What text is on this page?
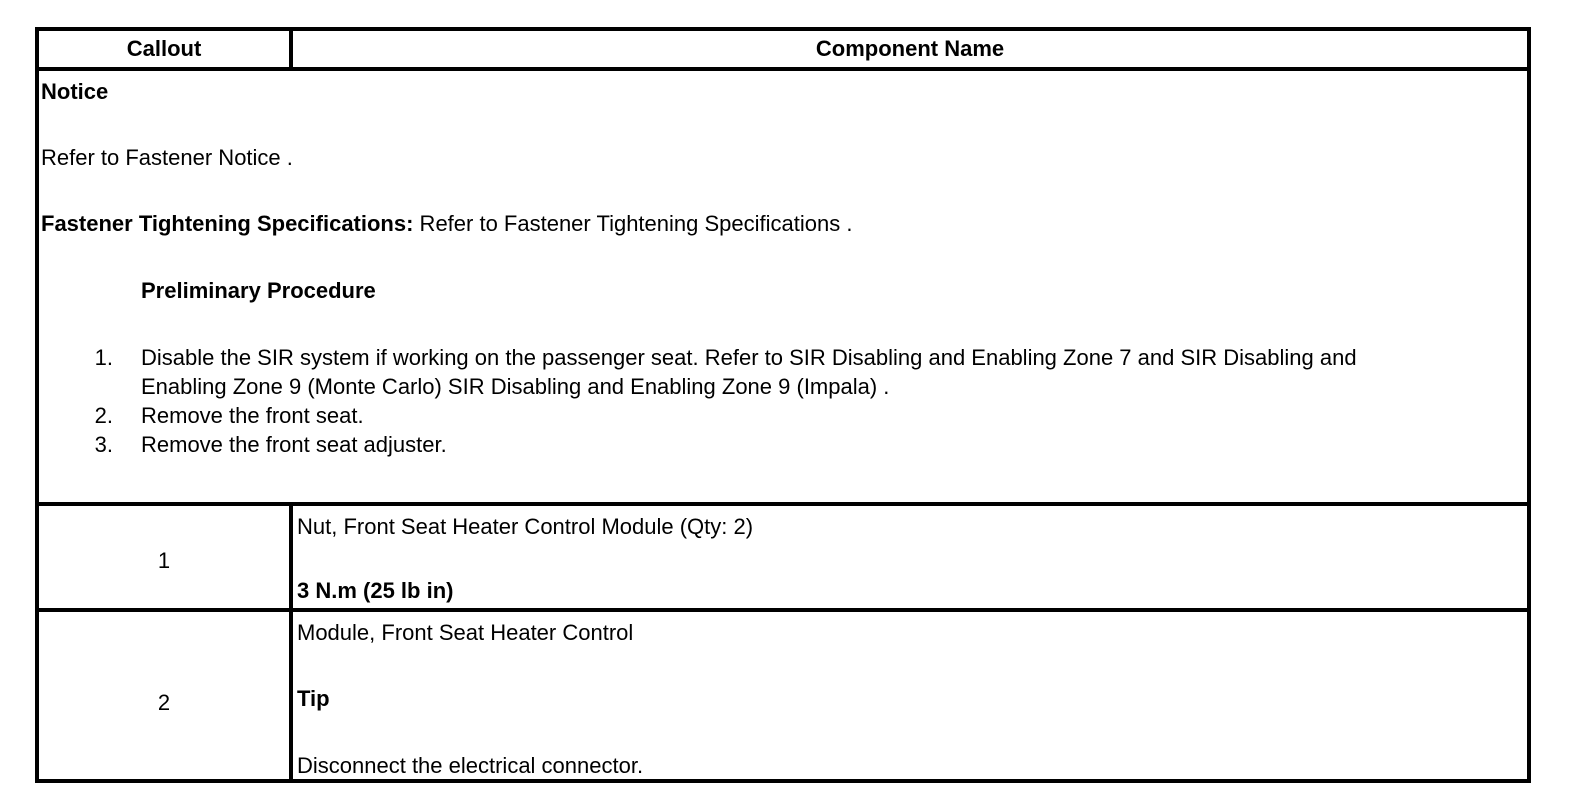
Callout	Component Name
Notice
Refer to Fastener Notice .
Fastener Tightening Specifications: Refer to Fastener Tightening Specifications .
Preliminary Procedure
1. Disable the SIR system if working on the passenger seat. Refer to SIR Disabling and Enabling Zone 7 and SIR Disabling and
Enabling Zone 9 (Monte Carlo) SIR Disabling and Enabling Zone 9 (Impala) .
2. Remove the front seat.
3. Remove the front seat adjuster.
1
Nut, Front Seat Heater Control Module (Qty: 2)
3 N.m (25 lb in)
2
Module, Front Seat Heater Control
Tip
Disconnect the electrical connector.
